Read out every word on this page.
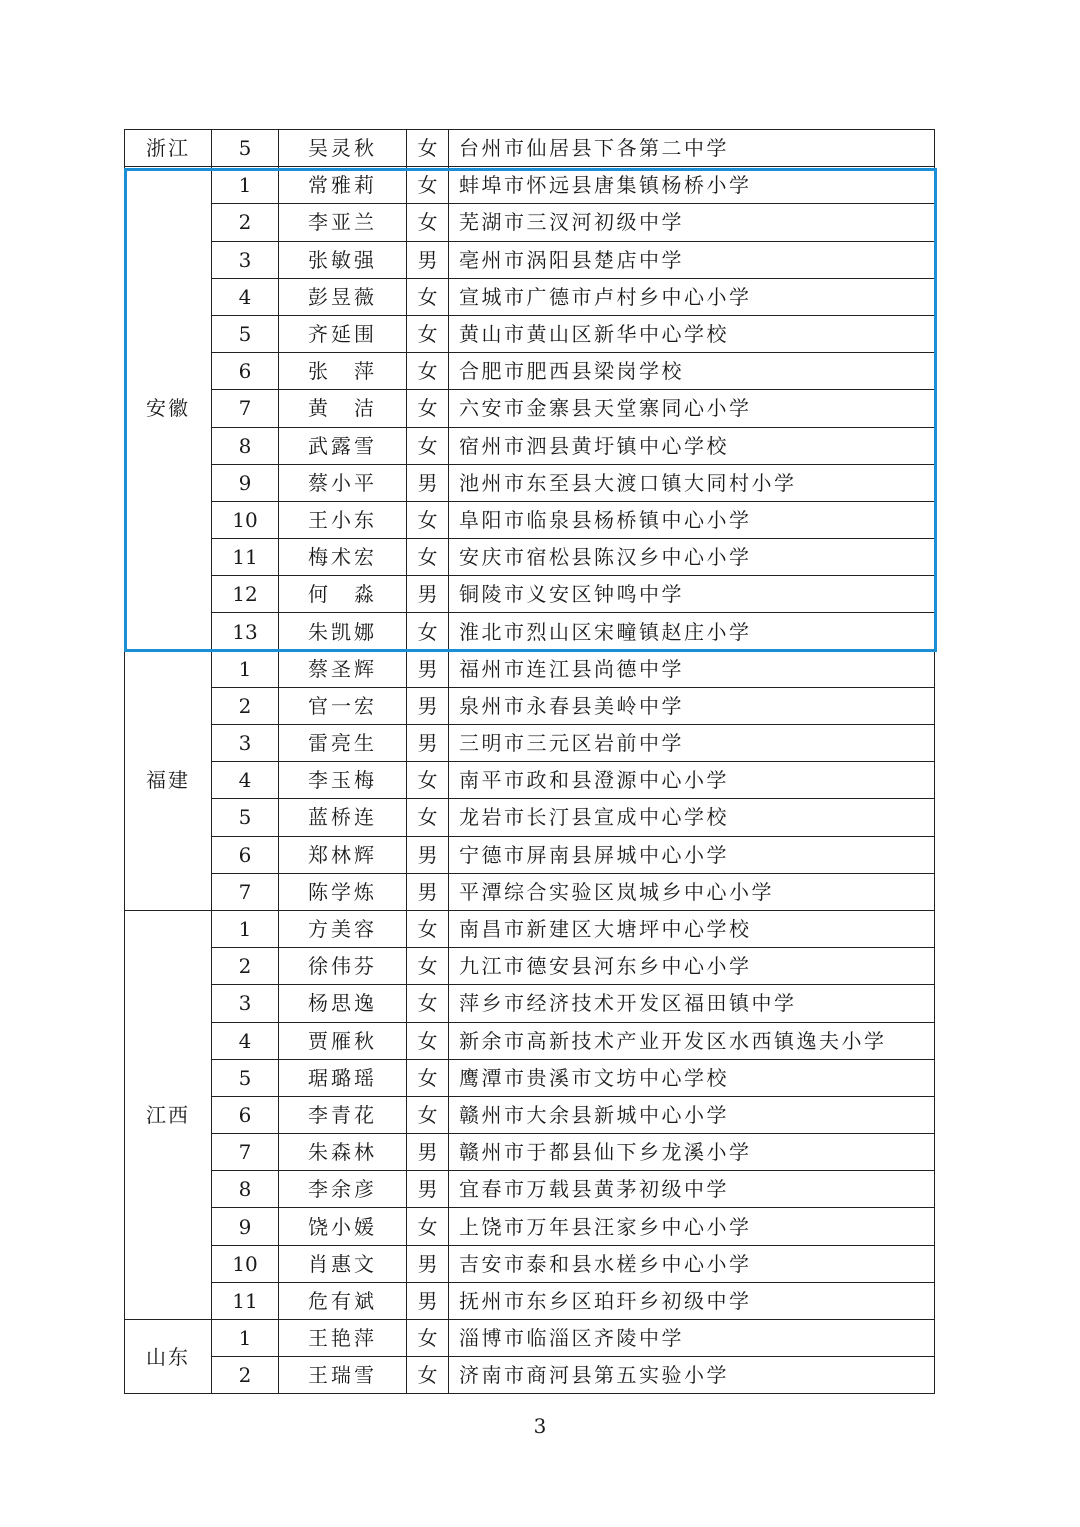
浙江	5	吴灵秋	女	台州市仙居县下各第二中学
安徽	1	常雅莉	女	蚌埠市怀远县唐集镇杨桥小学
	2	李亚兰	女	芜湖市三汊河初级中学
	3	张敏强	男	亳州市涡阳县楚店中学
	4	彭昱薇	女	宣城市广德市卢村乡中心小学
	5	齐延围	女	黄山市黄山区新华中心学校
	6	张　萍	女	合肥市肥西县梁岗学校
	7	黄　洁	女	六安市金寨县天堂寨同心小学
	8	武露雪	女	宿州市泗县黄圩镇中心学校
	9	蔡小平	男	池州市东至县大渡口镇大同村小学
	10	王小东	女	阜阳市临泉县杨桥镇中心小学
	11	梅术宏	女	安庆市宿松县陈汉乡中心小学
	12	何　淼	男	铜陵市义安区钟鸣中学
	13	朱凯娜	女	淮北市烈山区宋疃镇赵庄小学
福建	1	蔡圣辉	男	福州市连江县尚德中学
	2	官一宏	男	泉州市永春县美岭中学
	3	雷亮生	男	三明市三元区岩前中学
	4	李玉梅	女	南平市政和县澄源中心小学
	5	蓝桥连	女	龙岩市长汀县宣成中心学校
	6	郑林辉	男	宁德市屏南县屏城中心小学
	7	陈学炼	男	平潭综合实验区岚城乡中心小学
江西	1	方美容	女	南昌市新建区大塘坪中心学校
	2	徐伟芬	女	九江市德安县河东乡中心小学
	3	杨思逸	女	萍乡市经济技术开发区福田镇中学
	4	贾雁秋	女	新余市高新技术产业开发区水西镇逸夫小学
	5	琚璐瑶	女	鹰潭市贵溪市文坊中心学校
	6	李青花	女	赣州市大余县新城中心小学
	7	朱森林	男	赣州市于都县仙下乡龙溪小学
	8	李余彦	男	宜春市万载县黄茅初级中学
	9	饶小媛	女	上饶市万年县汪家乡中心小学
	10	肖惠文	男	吉安市泰和县水槎乡中心小学
	11	危有斌	男	抚州市东乡区珀玕乡初级中学
山东	1	王艳萍	女	淄博市临淄区齐陵中学
	2	王瑞雪	女	济南市商河县第五实验小学
3
